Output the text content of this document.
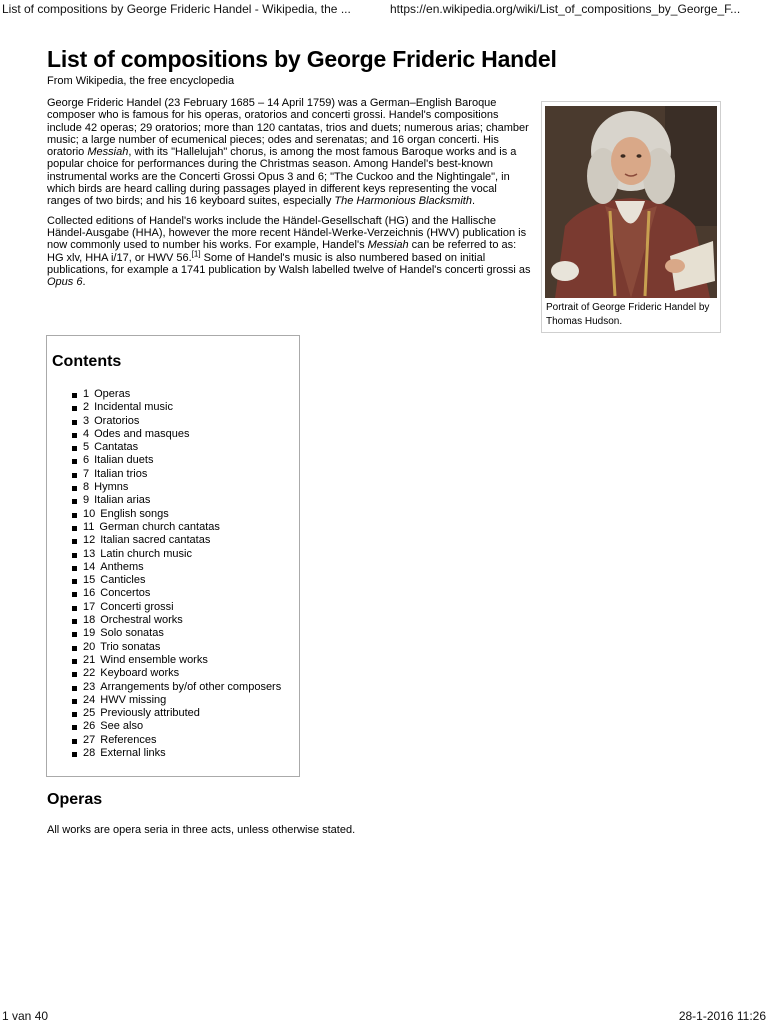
List of compositions by George Frideric Handel - Wikipedia, the ...	https://en.wikipedia.org/wiki/List_of_compositions_by_George_F...
List of compositions by George Frideric Handel
From Wikipedia, the free encyclopedia

George Frideric Handel (23 February 1685 – 14 April 1759) was a German–English Baroque composer who is famous for his operas, oratorios and concerti grossi. Handel's compositions include 42 operas; 29 oratorios; more than 120 cantatas, trios and duets; numerous arias; chamber music; a large number of ecumenical pieces; odes and serenatas; and 16 organ concerti. His oratorio Messiah, with its "Hallelujah" chorus, is among the most famous Baroque works and is a popular choice for performances during the Christmas season. Among Handel's best-known instrumental works are the Concerti Grossi Opus 3 and 6; "The Cuckoo and the Nightingale", in which birds are heard calling during passages played in different keys representing the vocal ranges of two birds; and his 16 keyboard suites, especially The Harmonious Blacksmith.

Collected editions of Handel's works include the Händel-Gesellschaft (HG) and the Hallische Händel-Ausgabe (HHA), however the more recent Händel-Werke-Verzeichnis (HWV) publication is now commonly used to number his works. For example, Handel's Messiah can be referred to as: HG xlv, HHA i/17, or HWV 56.[1] Some of Handel's music is also numbered based on initial publications, for example a 1741 publication by Walsh labelled twelve of Handel's concerti grossi as Opus 6.

Portrait of George Frideric Handel by Thomas Hudson.
Contents
1 Operas
2 Incidental music
3 Oratorios
4 Odes and masques
5 Cantatas
6 Italian duets
7 Italian trios
8 Hymns
9 Italian arias
10 English songs
11 German church cantatas
12 Italian sacred cantatas
13 Latin church music
14 Anthems
15 Canticles
16 Concertos
17 Concerti grossi
18 Orchestral works
19 Solo sonatas
20 Trio sonatas
21 Wind ensemble works
22 Keyboard works
23 Arrangements by/of other composers
24 HWV missing
25 Previously attributed
26 See also
27 References
28 External links
Operas
All works are opera seria in three acts, unless otherwise stated.
1 van 40	28-1-2016 11:26
